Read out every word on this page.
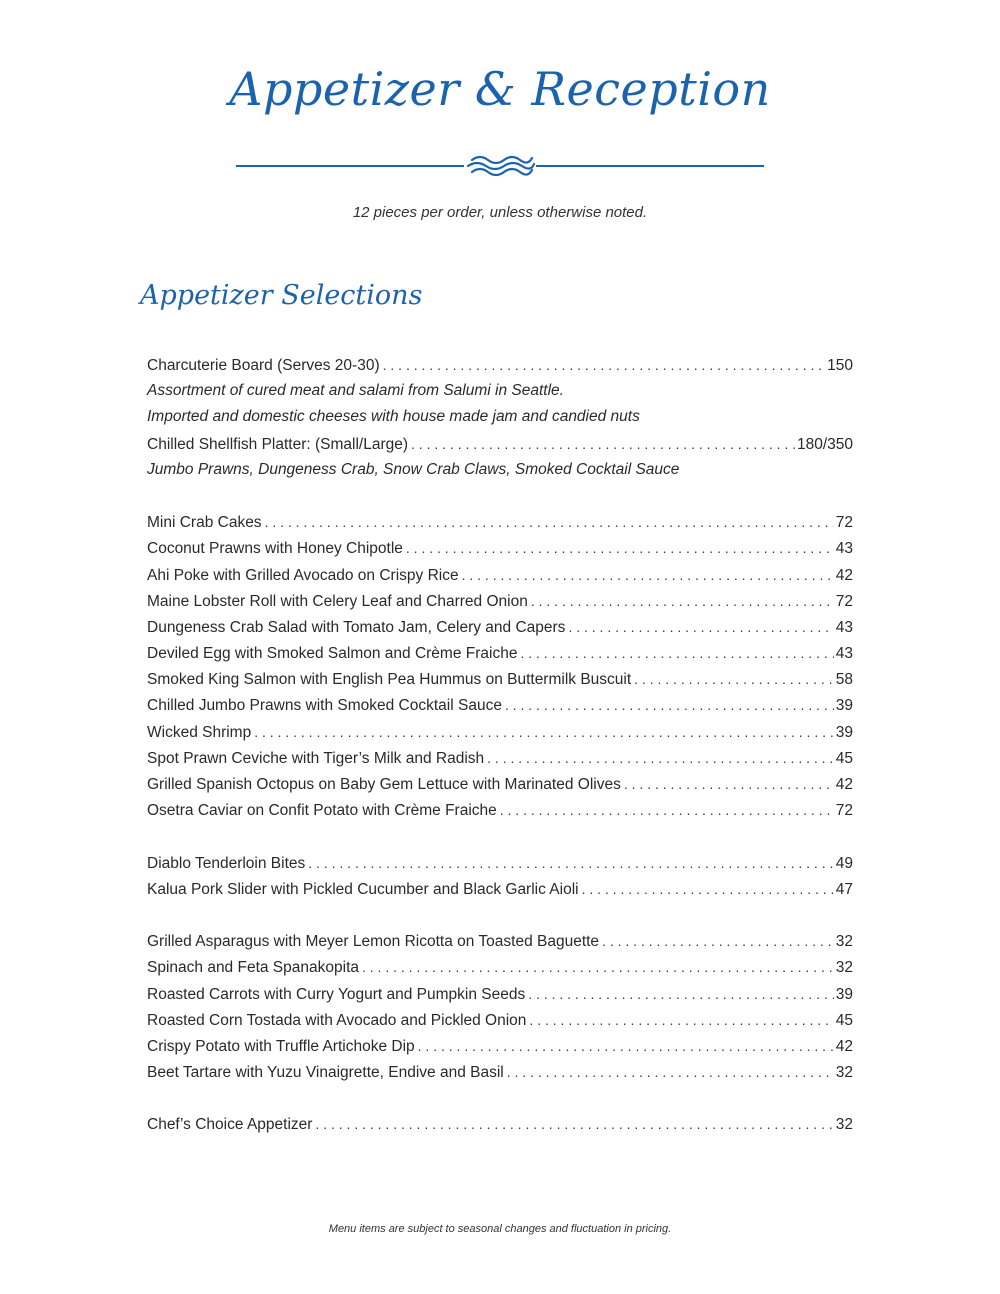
Appetizer & Reception
12 pieces per order, unless otherwise noted.
Appetizer Selections
Charcuterie Board (Serves 20-30) . . .	150
Assortment of cured meat and salami from Salumi in Seattle.
Imported and domestic cheeses with house made jam and candied nuts
Chilled Shellfish Platter: (Small/Large) . . .	180/350
Jumbo Prawns, Dungeness Crab, Snow Crab Claws, Smoked Cocktail Sauce
Mini Crab Cakes . . .	72
Coconut Prawns with Honey Chipotle . . .	43
Ahi Poke with Grilled Avocado on Crispy Rice . . .	42
Maine Lobster Roll with Celery Leaf and Charred Onion . . .	72
Dungeness Crab Salad with Tomato Jam, Celery and Capers . . .	43
Deviled Egg with Smoked Salmon and Crème Fraiche . . .	43
Smoked King Salmon with English Pea Hummus on Buttermilk Buscuit . . .	58
Chilled Jumbo Prawns with Smoked Cocktail Sauce . . .	39
Wicked Shrimp . . .	39
Spot Prawn Ceviche with Tiger’s Milk and Radish . . .	45
Grilled Spanish Octopus on Baby Gem Lettuce with Marinated Olives . . .	42
Osetra Caviar on Confit Potato with Crème Fraiche . . .	72
Diablo Tenderloin Bites . . .	49
Kalua Pork Slider with Pickled Cucumber and Black Garlic Aioli . . .	47
Grilled Asparagus with Meyer Lemon Ricotta on Toasted Baguette . . .	32
Spinach and Feta Spanakopita . . .	32
Roasted Carrots with Curry Yogurt and Pumpkin Seeds . . .	39
Roasted Corn Tostada with Avocado and Pickled Onion . . .	45
Crispy Potato with Truffle Artichoke Dip . . .	42
Beet Tartare with Yuzu Vinaigrette, Endive and Basil . . .	32
Chef’s Choice Appetizer . . .	32
Menu items are subject to seasonal changes and fluctuation in pricing.
